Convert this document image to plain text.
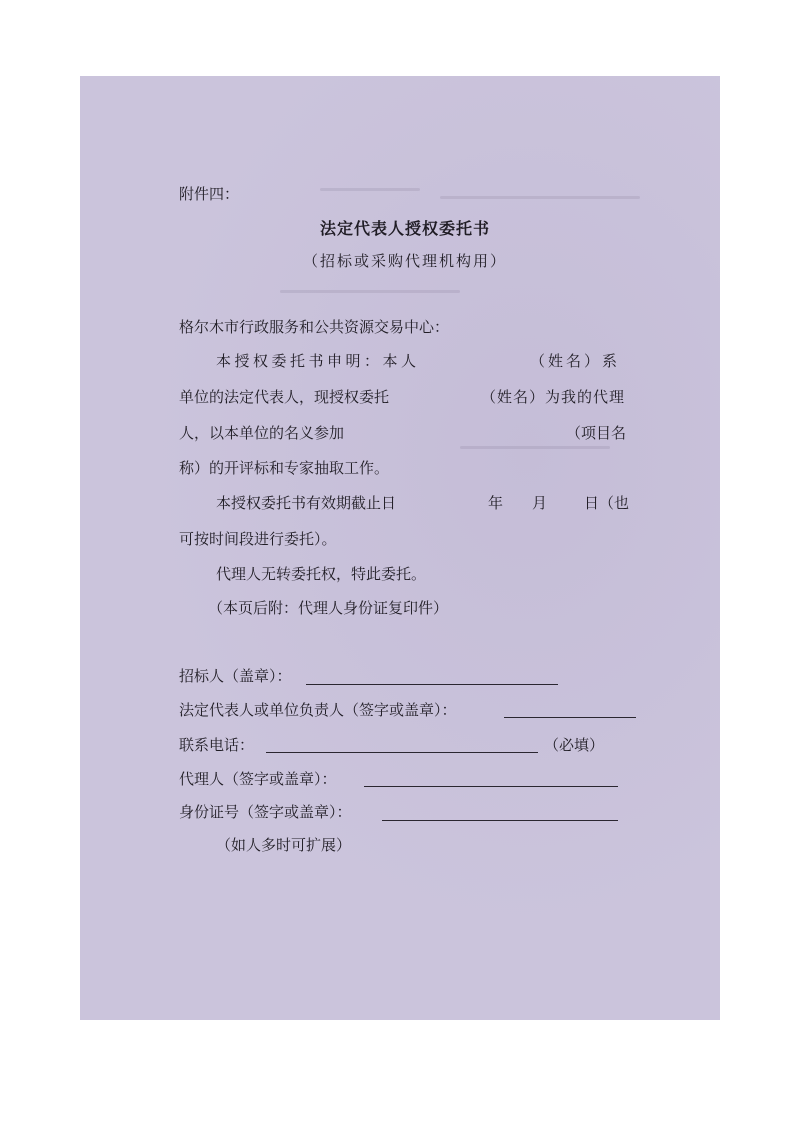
附件四：
法定代表人授权委托书
（招标或采购代理机构用）
格尔木市行政服务和公共资源交易中心：
本授权委托书申明：本人	（姓名）系
单位的法定代表人，现授权委托	（姓名）为我的代理
人，以本单位的名义参加	（项目名
称）的开评标和专家抽取工作。
本授权委托书有效期截止日	年 月 日（也
可按时间段进行委托）。
代理人无转委托权，特此委托。
（本页后附：代理人身份证复印件）
招标人（盖章）：
法定代表人或单位负责人（签字或盖章）：
联系电话：	（必填）
代理人（签字或盖章）：
身份证号（签字或盖章）：
（如人多时可扩展）
